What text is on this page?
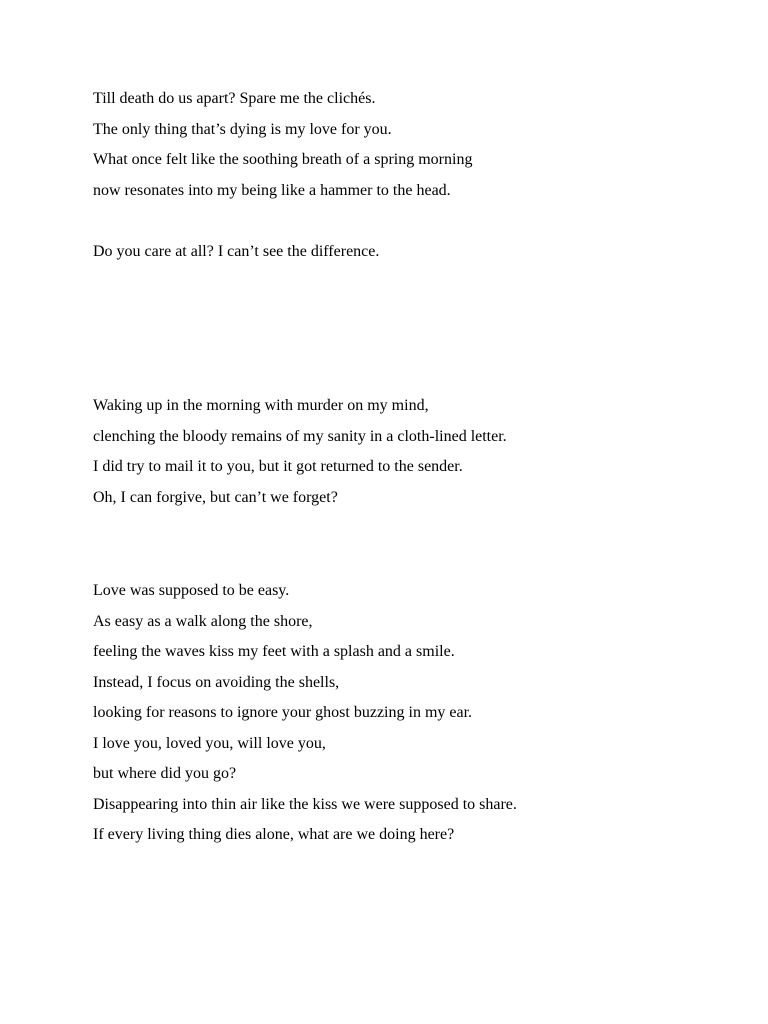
Till death do us apart? Spare me the clichés.
The only thing that’s dying is my love for you.
What once felt like the soothing breath of a spring morning
now resonates into my being like a hammer to the head.
Do you care at all? I can’t see the difference.
Waking up in the morning with murder on my mind,
clenching the bloody remains of my sanity in a cloth-lined letter.
I did try to mail it to you, but it got returned to the sender.
Oh, I can forgive, but can’t we forget?
Love was supposed to be easy.
As easy as a walk along the shore,
feeling the waves kiss my feet with a splash and a smile.
Instead, I focus on avoiding the shells,
looking for reasons to ignore your ghost buzzing in my ear.
I love you, loved you, will love you,
but where did you go?
Disappearing into thin air like the kiss we were supposed to share.
If every living thing dies alone, what are we doing here?
